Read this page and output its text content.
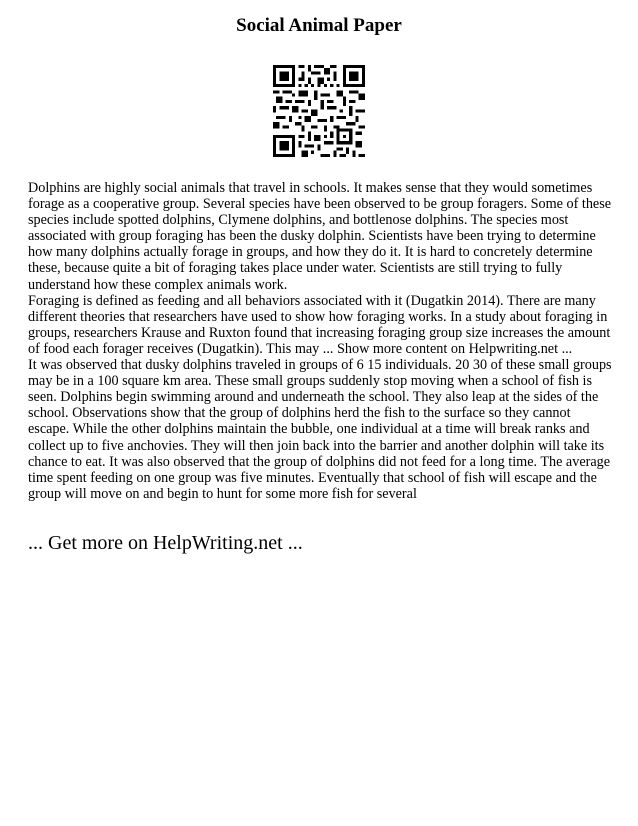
Social Animal Paper

Dolphins are highly social animals that travel in schools. It makes sense that they would sometimes forage as a cooperative group. Several species have been observed to be group foragers. Some of these species include spotted dolphins, Clymene dolphins, and bottlenose dolphins. The species most associated with group foraging has been the dusky dolphin. Scientists have been trying to determine how many dolphins actually forage in groups, and how they do it. It is hard to concretely determine these, because quite a bit of foraging takes place under water. Scientists are still trying to fully understand how these complex animals work.

Foraging is defined as feeding and all behaviors associated with it (Dugatkin 2014). There are many different theories that researchers have used to show how foraging works. In a study about foraging in groups, researchers Krause and Ruxton found that increasing foraging group size increases the amount of food each forager receives (Dugatkin). This may ... Show more content on Helpwriting.net ...

It was observed that dusky dolphins traveled in groups of 6 15 individuals. 20 30 of these small groups may be in a 100 square km area. These small groups suddenly stop moving when a school of fish is seen. Dolphins begin swimming around and underneath the school. They also leap at the sides of the school. Observations show that the group of dolphins herd the fish to the surface so they cannot escape. While the other dolphins maintain the bubble, one individual at a time will break ranks and collect up to five anchovies. They will then join back into the barrier and another dolphin will take its chance to eat. It was also observed that the group of dolphins did not feed for a long time. The average time spent feeding on one group was five minutes. Eventually that school of fish will escape and the group will move on and begin to hunt for some more fish for several

... Get more on HelpWriting.net ...
